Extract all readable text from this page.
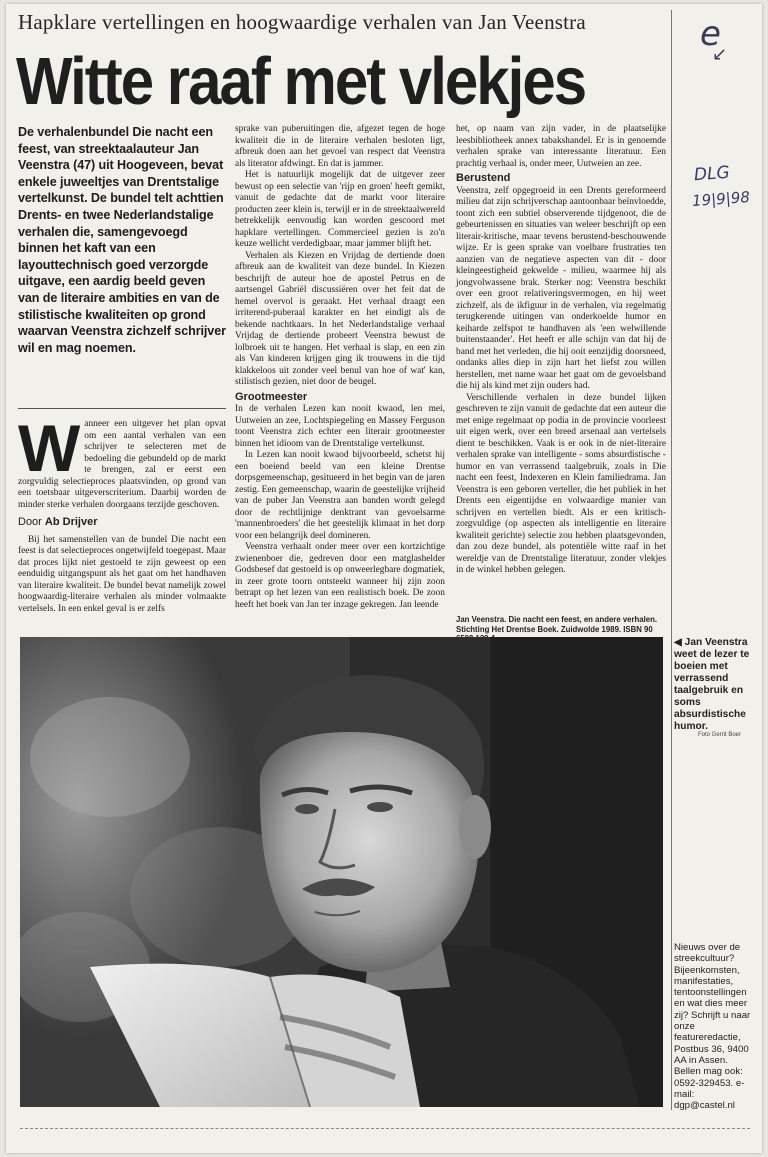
Hapklare vertellingen en hoogwaardige verhalen van Jan Veenstra
Witte raaf met vlekjes
e
↙
DLG
19|9|98
De verhalenbundel Die nacht een feest, van streektaalauteur Jan Veenstra (47) uit Hoogeveen, bevat enkele juweeltjes van Drentstalige vertelkunst. De bundel telt achttien Drents- en twee Nederlandstalige verhalen die, samengevoegd binnen het kaft van een layouttechnisch goed verzorgde uitgave, een aardig beeld geven van de literaire ambities en van de stilistische kwaliteiten op grond waarvan Veenstra zichzelf schrijver wil en mag noemen.

Wanneer een uitgever het plan opvat om een aantal verhalen van een schrijver te selecteren met de bedoeling die gebundeld op de markt te brengen, zal er eerst een zorgvuldig selectieproces plaatsvinden, op grond van een toetsbaar uitgeverscriterium. Daarbij worden de minder sterke verhalen doorgaans terzijde geschoven.

Door Ab Drijver

Bij het samenstellen van de bundel Die nacht een feest is dat selectieproces ongetwijfeld toegepast. Maar dat proces lijkt niet gestoeld te zijn geweest op een eenduidig uitgangspunt als het gaat om het handhaven van literaire kwaliteit. De bundel bevat namelijk zowel hoogwaardig-literaire verhalen als minder volmaakte vertelsels. In een enkel geval is er zelfs

sprake van puberuitingen die, afgezet tegen de hoge kwaliteit die in de literaire verhalen besloten ligt, afbreuk doen aan het gevoel van respect dat Veenstra als literator afdwingt. En dat is jammer.

Het is natuurlijk mogelijk dat de uitgever zeer bewust op een selectie van 'rijp en groen' heeft gemikt, vanuit de gedachte dat de markt voor literaire producten zeer klein is, terwijl er in de streektaalwereld betrekkelijk eenvoudig kan worden gescoord met hapklare vertellingen. Commercieel gezien is zo'n keuze wellicht verdedigbaar, maar jammer blijft het.

Verhalen als Kiezen en Vrijdag de dertiende doen afbreuk aan de kwaliteit van deze bundel. In Kiezen beschrijft de auteur hoe de apostel Petrus en de aartsengel Gabriël discussiëren over het feit dat de hemel overvol is geraakt. Het verhaal draagt een irriterend-puberaal karakter en het eindigt als de bekende nachtkaars. In het Nederlandstalige verhaal Vrijdag de dertiende probeert Veenstra bewust de lolbroek uit te hangen. Het verhaal is slap, en een zin als Van kinderen krijgen ging ik trouwens in die tijd klakkeloos uit zonder veel benul van hoe of wat' kan, stilistisch gezien, niet door de beugel.

Grootmeester

In de verhalen Lezen kan nooit kwaod, len mei, Uutweien an zee, Lochtspiegeling en Massey Ferguson toont Veenstra zich echter een literair grootmeester binnen het idioom van de Drentstalige vertelkunst.

In Lezen kan nooit kwaod bijvoorbeeld, schetst hij een boeiend beeld van een kleine Drentse dorpsgemeenschap, gesitueerd in het begin van de jaren zestig. Een gemeenschap, waarin de geestelijke vrijheid van de puber Jan Veenstra aan banden wordt gelegd door de rechtlijnige denktrant van gevoelsarme 'mannenbroeders' die het geestelijk klimaat in het dorp voor een belangrijk deel domineren.

Veenstra verhaalt onder meer over een kortzichtige zwienenboer die, gedreven door een matglashelder Godsbesef dat gestoeld is op onweerlegbare dogmatiek, in zeer grote toorn ontsteekt wanneer hij zijn zoon betrapt op het lezen van een realistisch boek. De zoon heeft het boek van Jan ter inzage gekregen. Jan leende

het, op naam van zijn vader, in de plaatselijke leesbibliotheek annex tabakshandel. Er is in genoemde verhalen sprake van interessante literatuur. Een prachtig verhaal is, onder meer, Uutweien an zee.

Berustend

Veenstra, zelf opgegroeid in een Drents gereformeerd milieu dat zijn schrijverschap aantoonbaar beïnvloedde, toont zich een subtiel observerende tijdgenoot, die de gebeurtenissen en situaties van weleer beschrijft op een literair-kritische, maar tevens berustend-beschouwende wijze. Er is geen sprake van voelbare frustraties ten aanzien van de negatieve aspecten van dit - door kleingeestigheid gekwelde - milieu, waarmee hij als jongvolwassene brak. Sterker nog: Veenstra beschikt over een groot relativeringsvermogen, en hij weet zichzelf, als de ikfiguur in de verhalen, via regelmatig terugkerende uitingen van onderkoelde humor en keiharde zelfspot te handhaven als 'een welwillende buitenstaander'. Het heeft er alle schijn van dat hij de band met het verleden, die hij ooit eenzijdig doorsneed, ondanks alles diep in zijn hart het liefst zou willen herstellen, met name waar het gaat om de gevoelsband die hij als kind met zijn ouders had.

Verschillende verhalen in deze bundel lijken geschreven te zijn vanuit de gedachte dat een auteur die met enige regelmaat op podia in de provincie voorleest uit eigen werk, over een breed arsenaal aan vertelsels dient te beschikken. Vaak is er ook in de niet-literaire verhalen sprake van intelligente - soms absurdistische - humor en van verrassend taalgebruik, zoals in Die nacht een feest, Indexeren en Klein familiedrama. Jan Veenstra is een geboren verteller, die het publiek in het Drents een eigentijdse en volwaardige manier van schrijven en vertellen biedt. Als er een kritisch-zorgvuldige (op aspecten als intelligentie en literaire kwaliteit gerichte) selectie zou hebben plaatsgevonden, dan zou deze bundel, als potentiële witte raaf in het wereldje van de Drentstalige literatuur, zonder vlekjes in de winkel hebben gelegen.

Jan Veenstra. Die nacht een feest, en andere verhalen. Stichting Het Drentse Boek. Zuidwolde 1989. ISBN 90
◀ Jan Veenstra weet de lezer te boeien met verrassend taalgebruik en soms absurdistische humor.
Foto Gerrit Boer
Nieuws over de streekcultuur? Bijeenkomsten, manifestaties, tentoonstellingen en wat dies meer zij? Schrijft u naar onze featureredactie, Postbus 36, 9400 AA in Assen. Bellen mag ook: 0592-329453. e-mail: dgp@castel.nl
